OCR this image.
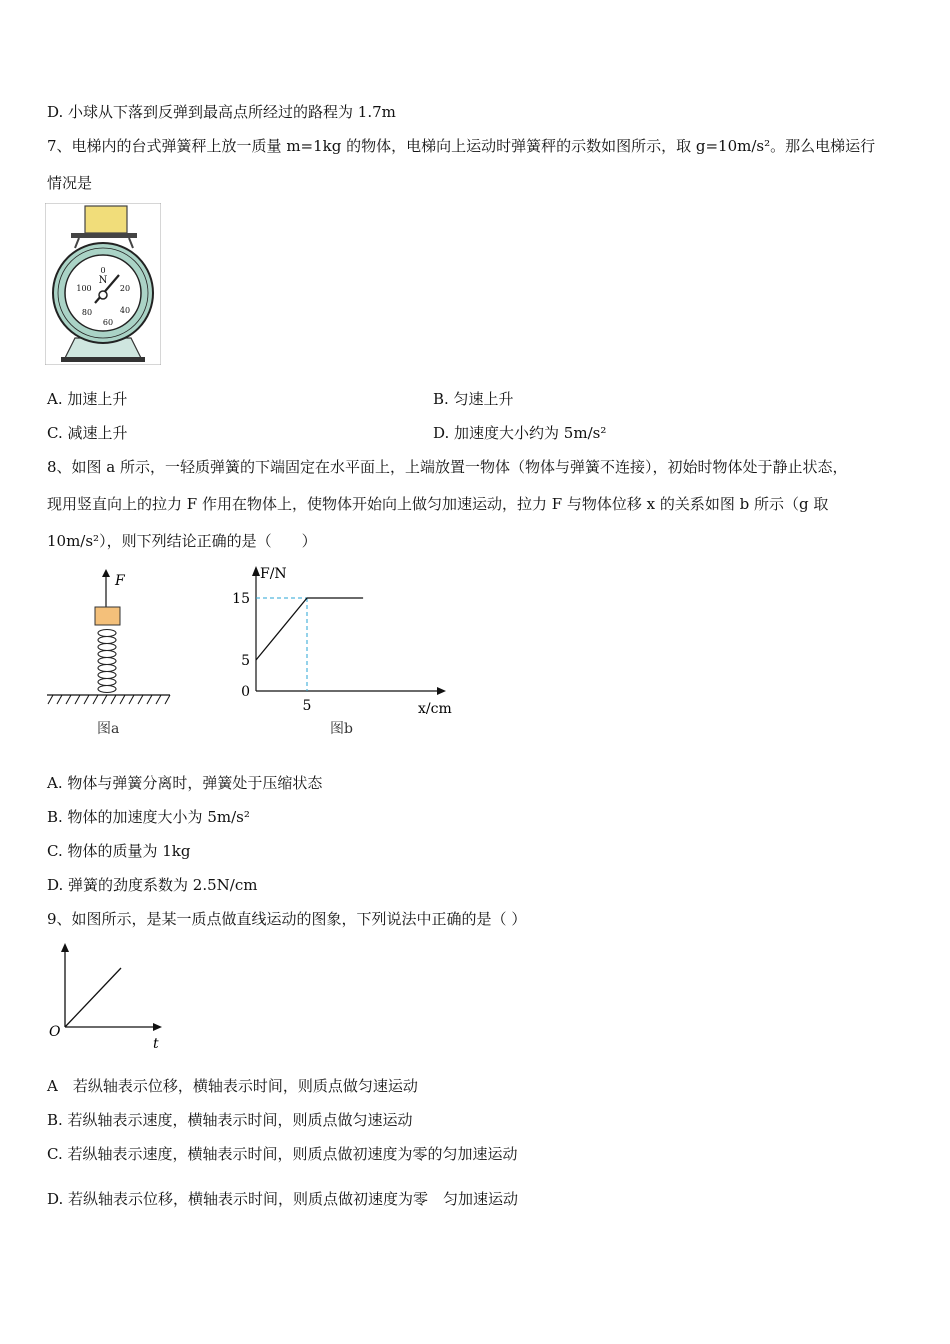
D. 小球从下落到反弹到最高点所经过的路程为 1.7m
7、电梯内的台式弹簧秤上放一质量 m=1kg 的物体，电梯向上运动时弹簧秤的示数如图所示，取 g=10m/s²。那么电梯运行
情况是
0
N
20
40
60
80
100
A. 加速上升	B. 匀速上升
C. 减速上升	D. 加速度大小约为 5m/s²
8、如图 a 所示，一轻质弹簧的下端固定在水平面上，上端放置一物体（物体与弹簧不连接），初始时物体处于静止状态，
现用竖直向上的拉力 F 作用在物体上，使物体开始向上做匀加速运动，拉力 F 与物体位移 x 的关系如图 b 所示（g 取
10m/s²），则下列结论正确的是（　　）
F
图a
F/N
x/cm
0
5
15
5
图b
A. 物体与弹簧分离时，弹簧处于压缩状态
B. 物体的加速度大小为 5m/s²
C. 物体的质量为 1kg
D. 弹簧的劲度系数为 2.5N/cm
9、如图所示，是某一质点做直线运动的图象，下列说法中正确的是（ ）
O
t
A　若纵轴表示位移，横轴表示时间，则质点做匀速运动
B. 若纵轴表示速度，横轴表示时间，则质点做匀速运动
C. 若纵轴表示速度，横轴表示时间，则质点做初速度为零的匀加速运动
D. 若纵轴表示位移，横轴表示时间，则质点做初速度为零　匀加速运动
